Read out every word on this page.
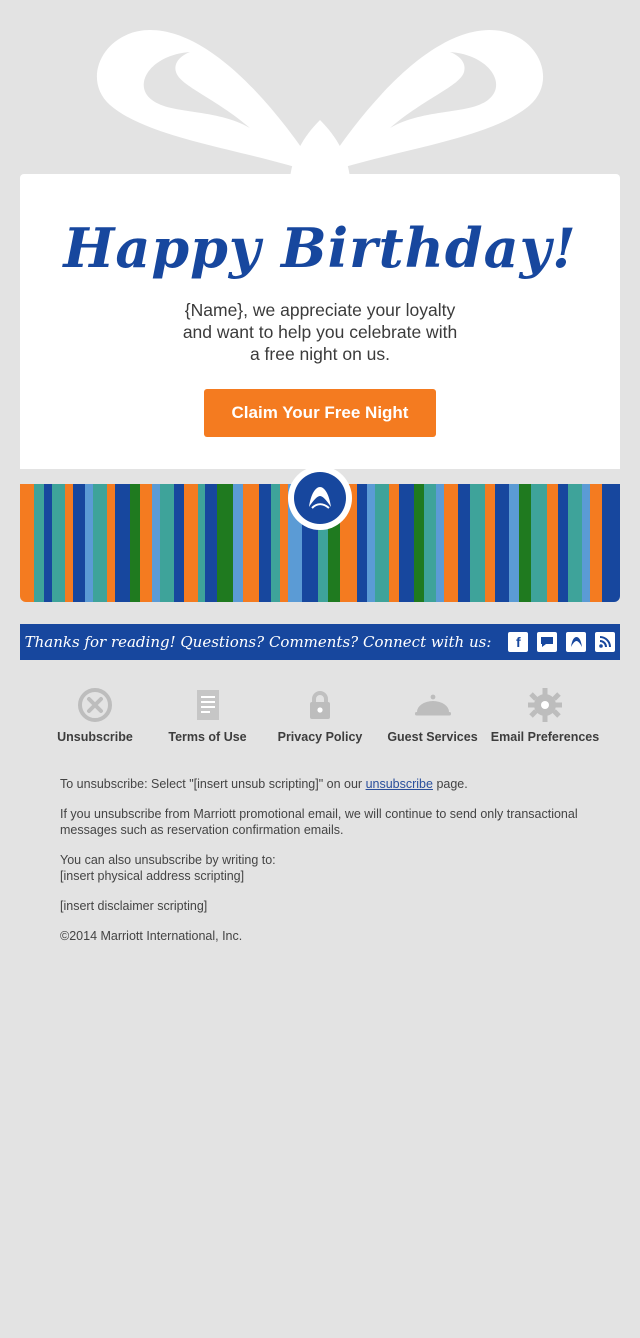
Happy Birthday!
{Name}, we appreciate your loyalty
and want to help you celebrate with
a free night on us.
Claim Your Free Night
Thanks for reading! Questions? Comments? Connect with us:	f
Unsubscribe	Terms of Use	Privacy Policy	Guest Services	Email Preferences

To unsubscribe: Select "[insert unsub scripting]" on our unsubscribe page.

If you unsubscribe from Marriott promotional email, we will continue to send only transactional messages such as reservation confirmation emails.

You can also unsubscribe by writing to:
[insert physical address scripting]

[insert disclaimer scripting]

©2014 Marriott International, Inc.
